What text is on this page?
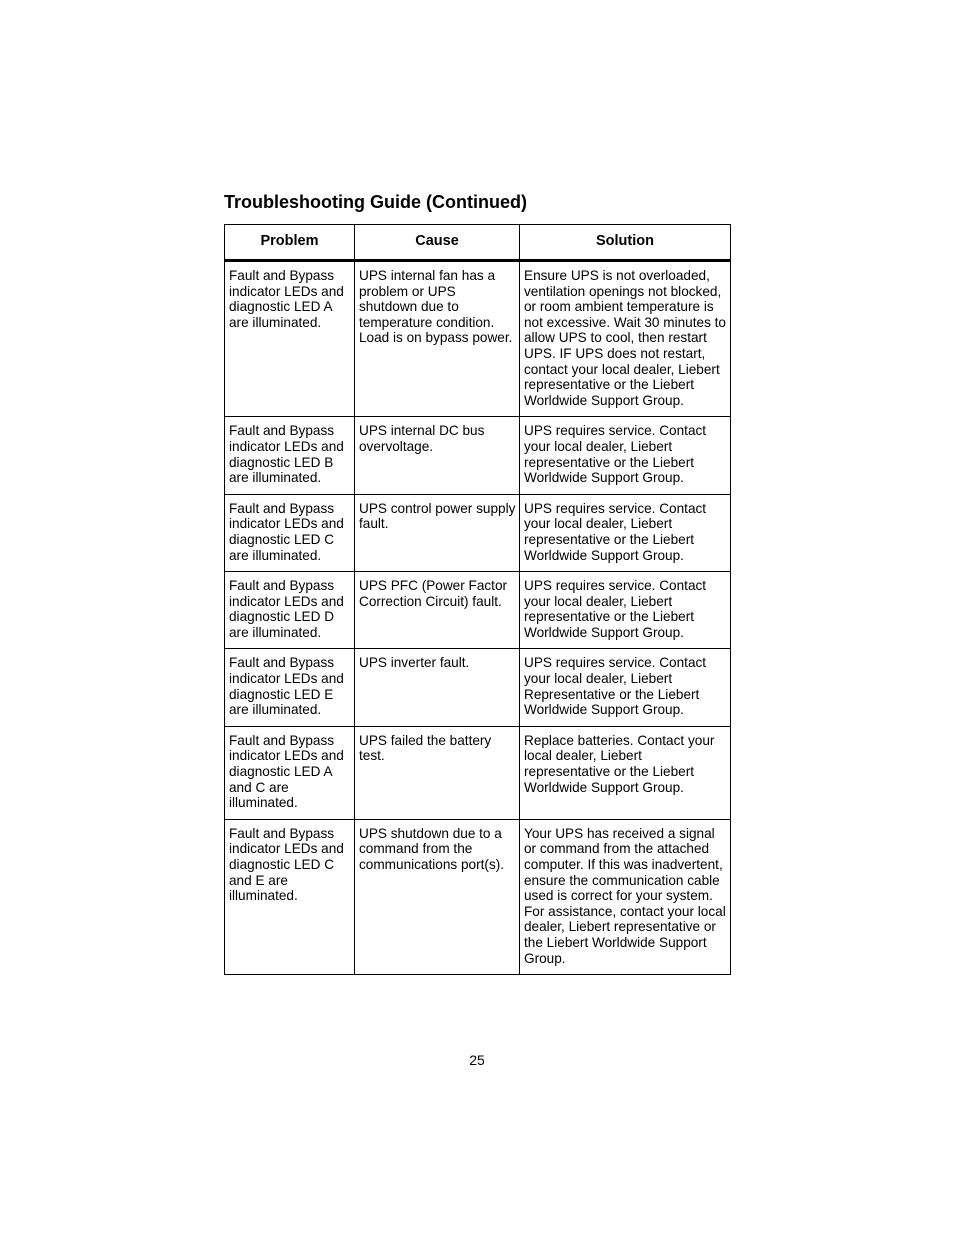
Troubleshooting Guide (Continued)
Problem	Cause	Solution
Fault and Bypass indicator LEDs and diagnostic LED A are illuminated.	UPS internal fan has a problem or UPS shutdown due to temperature condition. Load is on bypass power.	Ensure UPS is not overloaded, ventilation openings not blocked, or room ambient temperature is not excessive. Wait 30 minutes to allow UPS to cool, then restart UPS. IF UPS does not restart, contact your local dealer, Liebert representative or the Liebert Worldwide Support Group.
Fault and Bypass indicator LEDs and diagnostic LED B are illuminated.	UPS internal DC bus overvoltage.	UPS requires service. Contact your local dealer, Liebert representative or the Liebert Worldwide Support Group.
Fault and Bypass indicator LEDs and diagnostic LED C are illuminated.	UPS control power supply fault.	UPS requires service. Contact your local dealer, Liebert representative or the Liebert Worldwide Support Group.
Fault and Bypass indicator LEDs and diagnostic LED D are illuminated.	UPS PFC (Power Factor Correction Circuit) fault.	UPS requires service. Contact your local dealer, Liebert representative or the Liebert Worldwide Support Group.
Fault and Bypass indicator LEDs and diagnostic LED E are illuminated.	UPS inverter fault.	UPS requires service. Contact your local dealer, Liebert Representative or the Liebert Worldwide Support Group.
Fault and Bypass indicator LEDs and diagnostic LED A and C are illuminated.	UPS failed the battery test.	Replace batteries. Contact your local dealer, Liebert representative or the Liebert Worldwide Support Group.
Fault and Bypass indicator LEDs and diagnostic LED C and E are illuminated.	UPS shutdown due to a command from the communications port(s).	Your UPS has received a signal or command from the attached computer. If this was inadvertent, ensure the communication cable used is correct for your system. For assistance, contact your local dealer, Liebert representative or the Liebert Worldwide Support Group.
25
